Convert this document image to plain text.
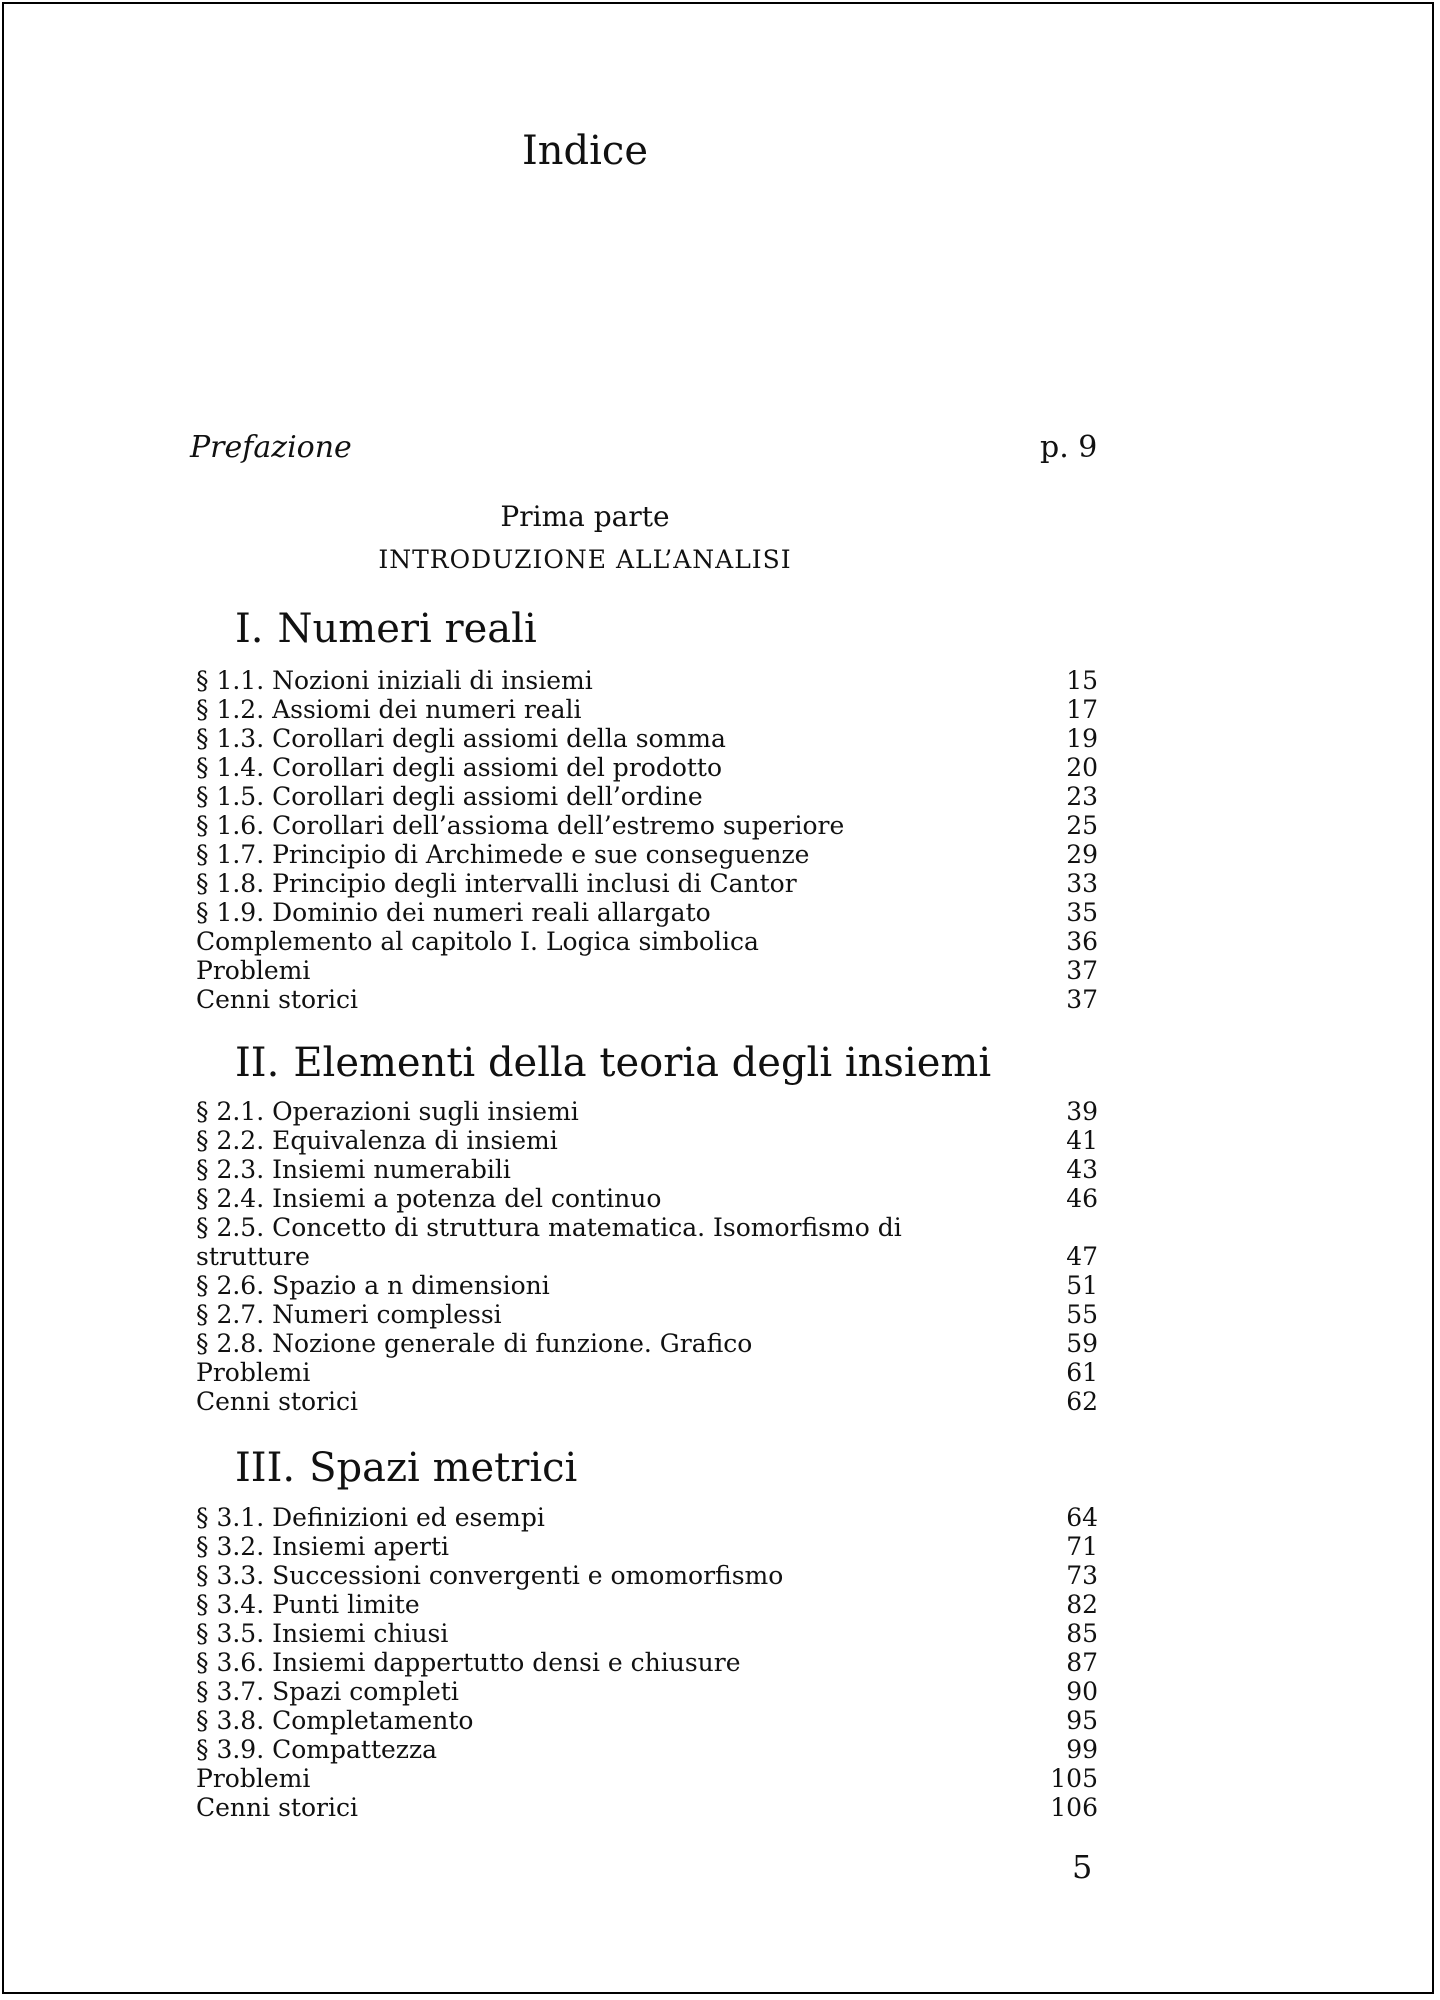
Indice
Prefazione	p. 9
Prima parte
INTRODUZIONE ALL’ANALISI
I. Numeri reali
§ 1.1. Nozioni iniziali di insiemi	15
§ 1.2. Assiomi dei numeri reali	17
§ 1.3. Corollari degli assiomi della somma	19
§ 1.4. Corollari degli assiomi del prodotto	20
§ 1.5. Corollari degli assiomi dell’ordine	23
§ 1.6. Corollari dell’assioma dell’estremo superiore	25
§ 1.7. Principio di Archimede e sue conseguenze	29
§ 1.8. Principio degli intervalli inclusi di Cantor	33
§ 1.9. Dominio dei numeri reali allargato	35
Complemento al capitolo I. Logica simbolica	36
Problemi	37
Cenni storici	37
II. Elementi della teoria degli insiemi
§ 2.1. Operazioni sugli insiemi	39
§ 2.2. Equivalenza di insiemi	41
§ 2.3. Insiemi numerabili	43
§ 2.4. Insiemi a potenza del continuo	46
§ 2.5. Concetto di struttura matematica. Isomorfismo di
strutture	47
§ 2.6. Spazio a n dimensioni	51
§ 2.7. Numeri complessi	55
§ 2.8. Nozione generale di funzione. Grafico	59
Problemi	61
Cenni storici	62
III. Spazi metrici
§ 3.1. Definizioni ed esempi	64
§ 3.2. Insiemi aperti	71
§ 3.3. Successioni convergenti e omomorfismo	73
§ 3.4. Punti limite	82
§ 3.5. Insiemi chiusi	85
§ 3.6. Insiemi dappertutto densi e chiusure	87
§ 3.7. Spazi completi	90
§ 3.8. Completamento	95
§ 3.9. Compattezza	99
Problemi	105
Cenni storici	106
5
